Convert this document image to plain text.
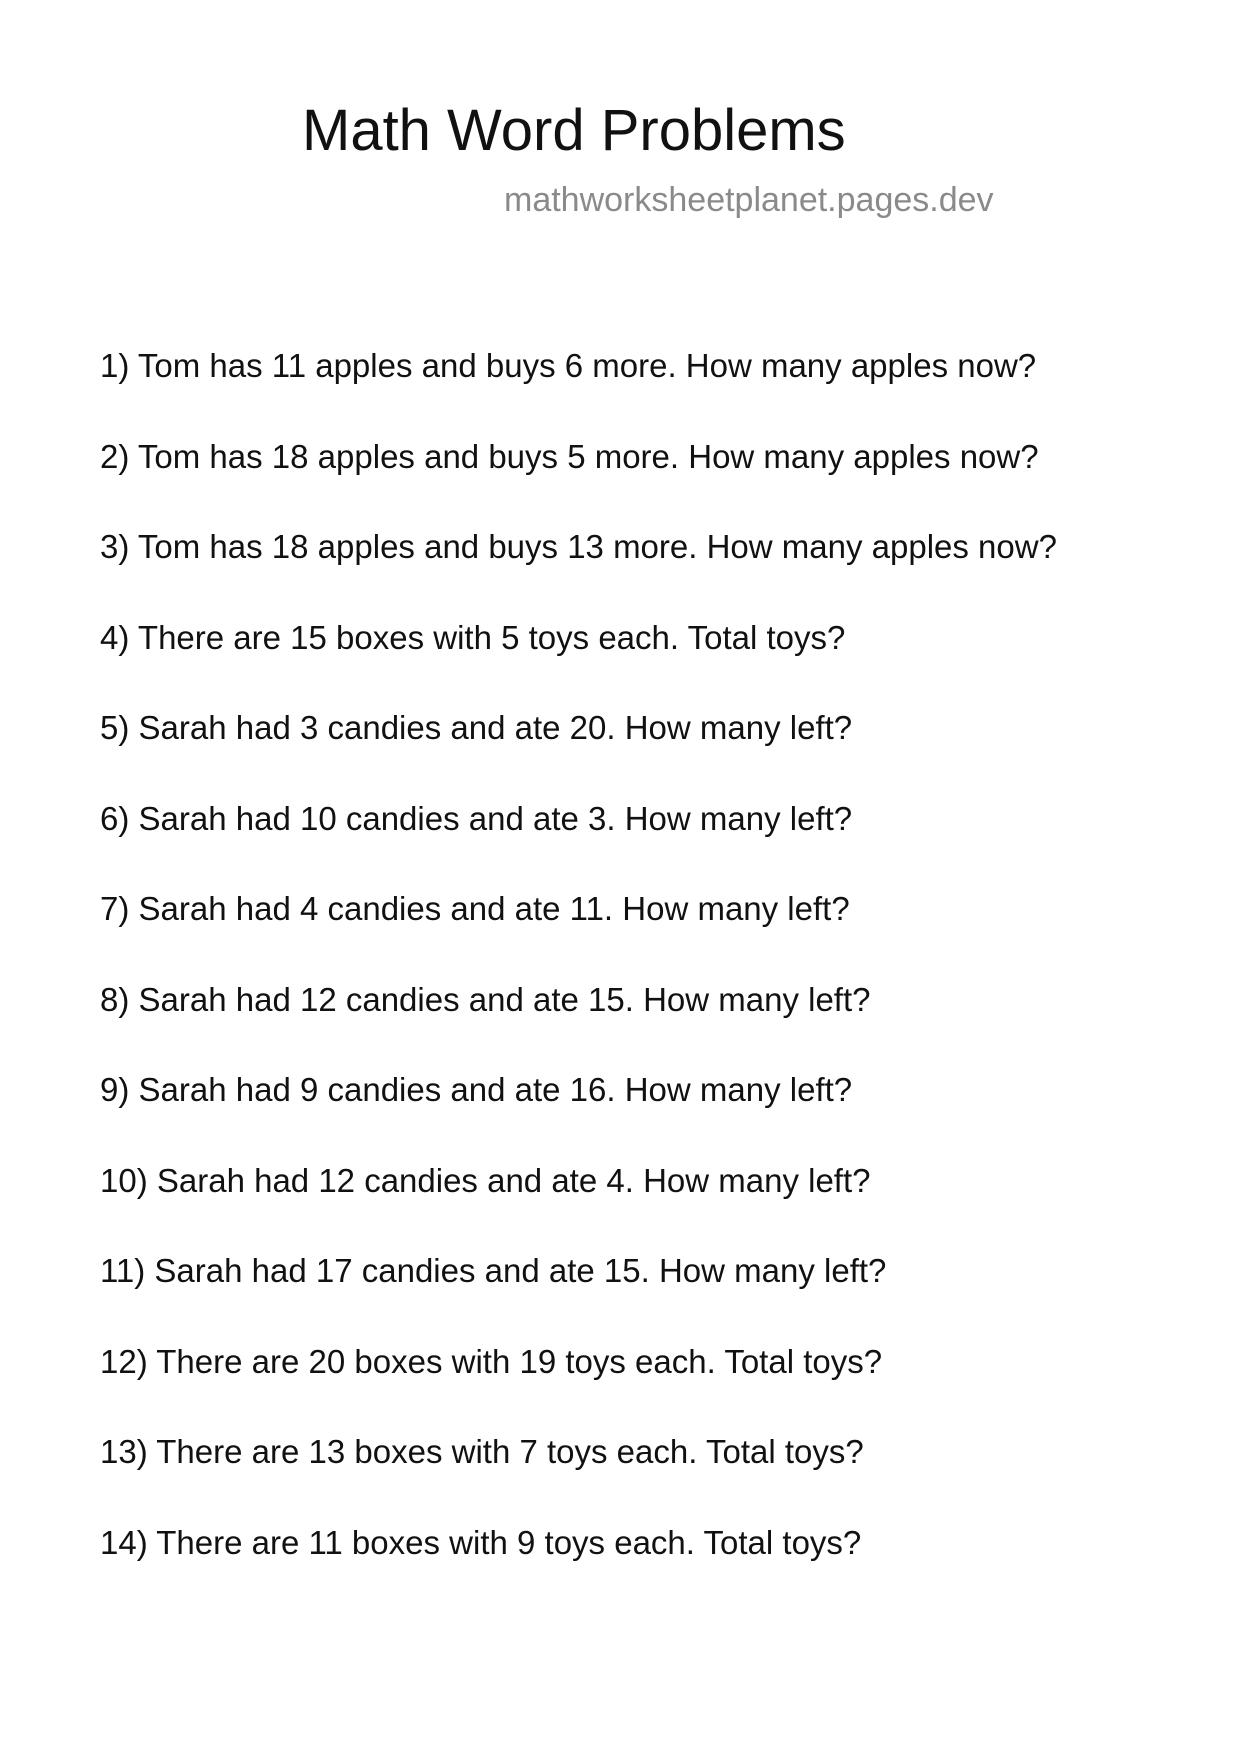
Math Word Problems

mathworksheetplanet.pages.dev

1) Tom has 11 apples and buys 6 more. How many apples now?
2) Tom has 18 apples and buys 5 more. How many apples now?
3) Tom has 18 apples and buys 13 more. How many apples now?
4) There are 15 boxes with 5 toys each. Total toys?
5) Sarah had 3 candies and ate 20. How many left?
6) Sarah had 10 candies and ate 3. How many left?
7) Sarah had 4 candies and ate 11. How many left?
8) Sarah had 12 candies and ate 15. How many left?
9) Sarah had 9 candies and ate 16. How many left?
10) Sarah had 12 candies and ate 4. How many left?
11) Sarah had 17 candies and ate 15. How many left?
12) There are 20 boxes with 19 toys each. Total toys?
13) There are 13 boxes with 7 toys each. Total toys?
14) There are 11 boxes with 9 toys each. Total toys?
